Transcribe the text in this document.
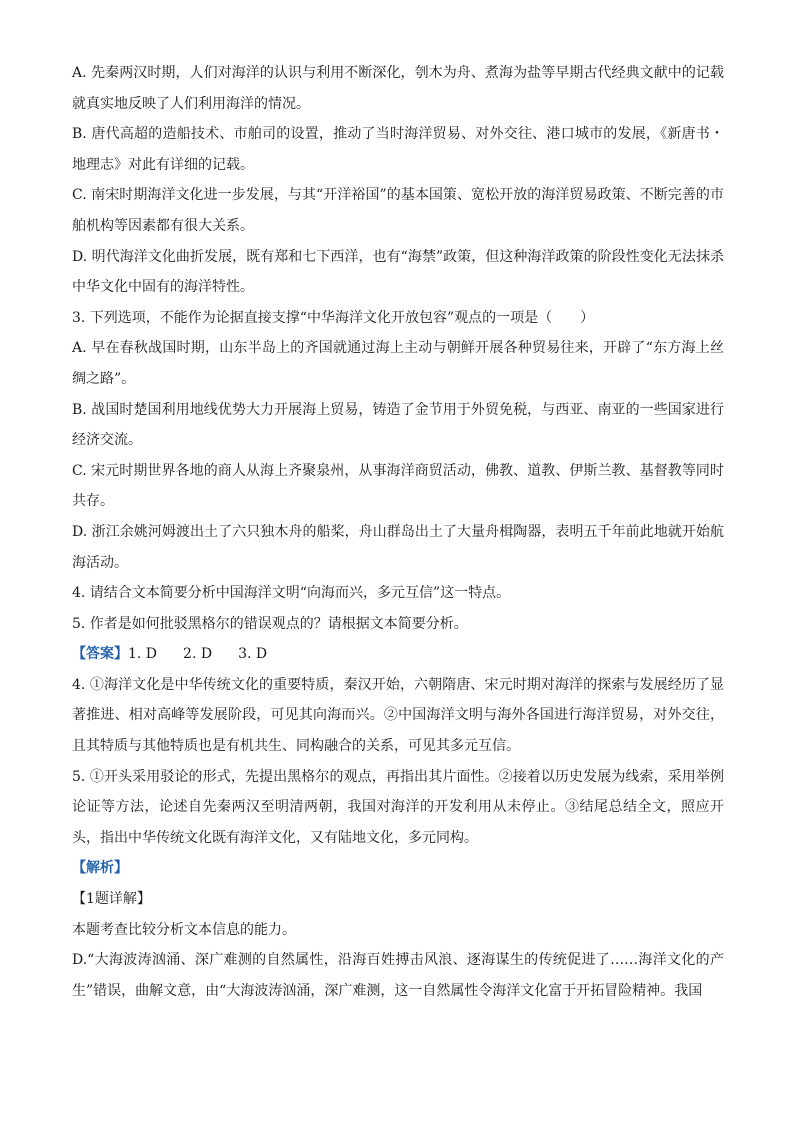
A. 先秦两汉时期，人们对海洋的认识与利用不断深化，刳木为舟、煮海为盐等早期古代经典文献中的记载就真实地反映了人们利用海洋的情况。

B. 唐代高超的造船技术、市舶司的设置，推动了当时海洋贸易、对外交往、港口城市的发展，《新唐书・地理志》对此有详细的记载。

C. 南宋时期海洋文化进一步发展，与其“开洋裕国”的基本国策、宽松开放的海洋贸易政策、不断完善的市舶机构等因素都有很大关系。

D. 明代海洋文化曲折发展，既有郑和七下西洋，也有“海禁”政策，但这种海洋政策的阶段性变化无法抹杀中华文化中固有的海洋特性。

3. 下列选项，不能作为论据直接支撑“中华海洋文化开放包容”观点的一项是（　　）

A. 早在春秋战国时期，山东半岛上的齐国就通过海上主动与朝鲜开展各种贸易往来，开辟了“东方海上丝绸之路”。

B. 战国时楚国利用地线优势大力开展海上贸易，铸造了金节用于外贸免税，与西亚、南亚的一些国家进行经济交流。

C. 宋元时期世界各地的商人从海上齐聚泉州，从事海洋商贸活动，佛教、道教、伊斯兰教、基督教等同时共存。

D. 浙江余姚河姆渡出土了六只独木舟的船桨，舟山群岛出土了大量舟楫陶器，表明五千年前此地就开始航海活动。

4. 请结合文本简要分析中国海洋文明“向海而兴，多元互信”这一特点。

5. 作者是如何批驳黑格尔的错误观点的？请根据文本简要分析。

【答案】1. D 2. D 3. D

4. ①海洋文化是中华传统文化的重要特质，秦汉开始，六朝隋唐、宋元时期对海洋的探索与发展经历了显著推进、相对高峰等发展阶段，可见其向海而兴。②中国海洋文明与海外各国进行海洋贸易，对外交往，且其特质与其他特质也是有机共生、同构融合的关系，可见其多元互信。

5. ①开头采用驳论的形式，先提出黑格尔的观点，再指出其片面性。②接着以历史发展为线索，采用举例论证等方法，论述自先秦两汉至明清两朝，我国对海洋的开发利用从未停止。③结尾总结全文，照应开头，指出中华传统文化既有海洋文化，又有陆地文化，多元同构。

【解析】

【1题详解】

本题考查比较分析文本信息的能力。

D.“大海波涛汹涌、深广难测的自然属性，沿海百姓搏击风浪、逐海谋生的传统促进了……海洋文化的产生”错误，曲解文意，由“大海波涛汹涌，深广难测，这一自然属性令海洋文化富于开拓冒险精神。我国
